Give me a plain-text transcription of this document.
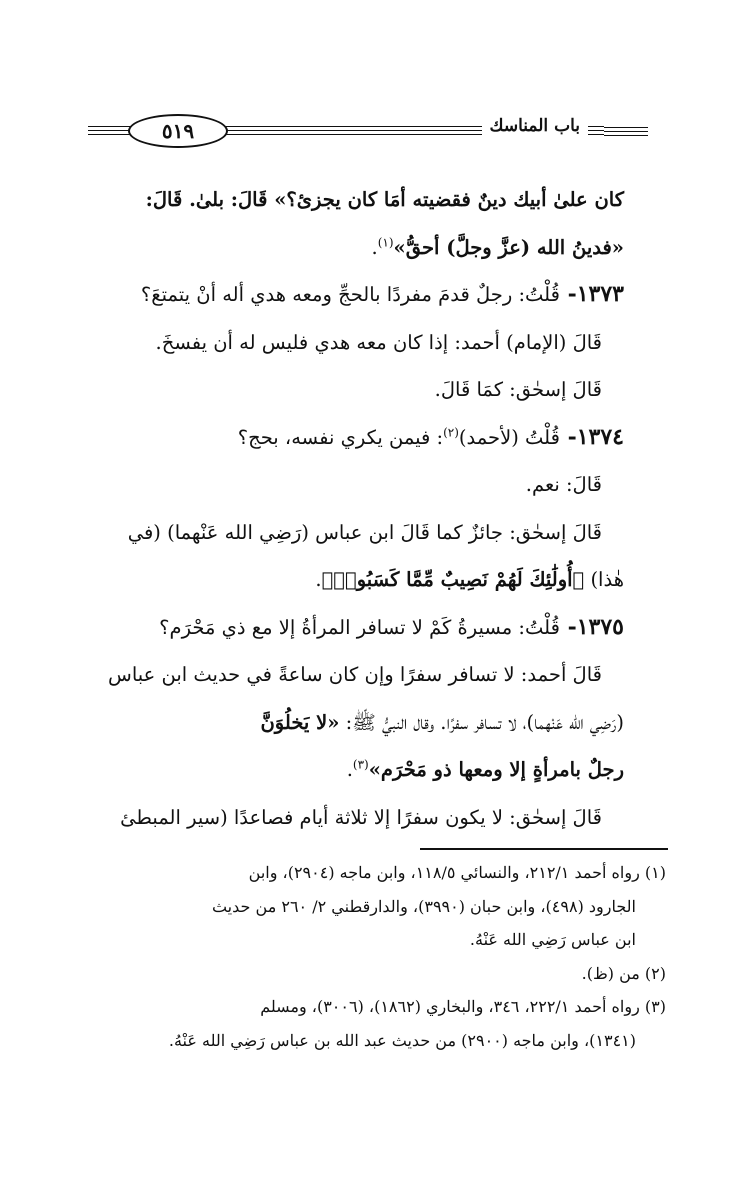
٥١٩	باب المناسك

كان علىٰ أبيك دينٌ فقضيته أمَا كان يجزئ؟» قَالَ: بلىٰ. قَالَ:

«فدينُ الله (عزَّ وجلَّ) أحقُّ»$^{(١)}$.

١٣٧٣- قُلْتُ: رجلٌ قدمَ مفردًا بالحجِّ ومعه هدي أله أنْ يتمتعَ؟

قَالَ (الإمام) أحمد: إذا كان معه هدي فليس له أن يفسخَ.

قَالَ إسحٰق: كمَا قَالَ.

١٣٧٤- قُلْتُ (لأحمد)$^{(٢)}$: فيمن يكري نفسه، بحج؟

قَالَ: نعم.

قَالَ إسحٰق: جائزٌ كما قَالَ ابن عباس (رَضِي الله عَنْهما) (في

هٰذا) ﴿أُولَٰئِكَ لَهُمْ نَصِيبٌ مِّمَّا كَسَبُوا۟﴾.

١٣٧٥- قُلْتُ: مسيرةُ كَمْ لا تسافر المرأةُ إلا مع ذي مَحْرَم؟

قَالَ أحمد: لا تسافر سفرًا وإن كان ساعةً في حديث ابن عباس

(رَضِي الله عَنْهما)، لا تسافر سفرًا. وقال النبيُّ ﷺ: «لا يَخلُوَنَّ

رجلٌ بامرأةٍ إلا ومعها ذو مَحْرَم»$^{(٣)}$.

قَالَ إسحٰق: لا يكون سفرًا إلا ثلاثة أيام فصاعدًا (سير المبطئ

(١) رواه أحمد ٢١٢/١، والنسائي ١١٨/٥، وابن ماجه (٢٩٠٤)، وابن

الجارود (٤٩٨)، وابن حبان (٣٩٩٠)، والدارقطني ٢/ ٢٦٠ من حديث

ابن عباس رَضِي الله عَنْهُ.

(٢) من (ظ).

(٣) رواه أحمد ٢٢٢/١، ٣٤٦، والبخاري (١٨٦٢)، (٣٠٠٦)، ومسلم

(١٣٤١)، وابن ماجه (٢٩٠٠) من حديث عبد الله بن عباس رَضِي الله عَنْهُ.
